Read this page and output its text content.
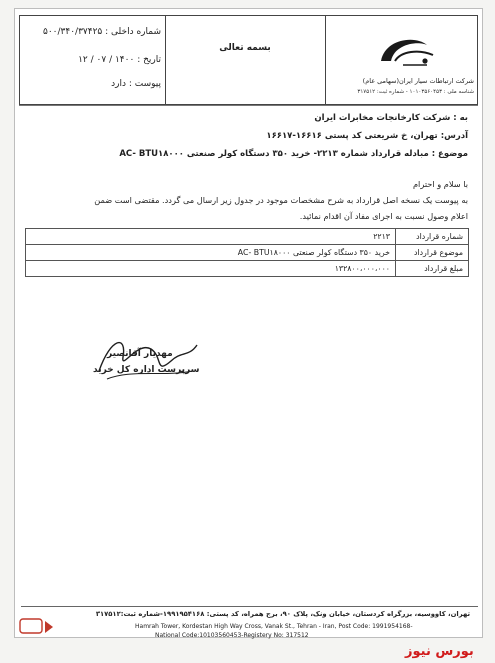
شماره داخلی : ۵۰۰/۳۴۰/۳۷۴۲۵
تاریخ : ۱۴۰۰ / ۰۷ / ۱۲
پیوست : دارد
بسمه تعالی
شرکت ارتباطات سیار ایران(سهامی عام)
شناسه ملی : ۱۰۱۰۳۵۶۰۴۵۳ - شماره ثبت: ۳۱۷۵۱۲
به : شرکت کارخانجات مخابرات ایران
آدرس: تهران، خ شریعتی کد پستی ۱۶۶۱۶-۱۶۶۱۷
موضوع : مبادله قرارداد شماره ۲۲۱۳- خرید ۳۵۰ دستگاه کولر صنعتی AC- BTU۱۸۰۰۰
با سلام و احترام
به پیوست یک نسخه اصل قرارداد به شرح مشخصات موجود در جدول زیر ارسال می گردد. مقتضی است ضمن
اعلام وصول نسبت به اجرای مفاد آن اقدام نمائید.
شماره قرارداد	۲۲۱۳
موضوع قرارداد	خرید ۳۵۰ دستگاه کولر صنعتی AC- BTU۱۸۰۰۰
مبلغ قرارداد	۱۳۲۸۰۰،۰۰۰،۰۰۰
مهدیار آقانصیر
سرپرست اداره کل خرید
تهران، کاووسیه، بزرگراه کردستان، خیابان ونک، پلاک ۹۰، برج همراه، کد پستی: ۱۹۹۱۹۵۴۱۶۸-شماره ثبت:۳۱۷۵۱۲
Hamrah Tower, Kordestan High Way Cross, Vanak St., Tehran - Iran, Post Code: 1991954168-
National Code:10103560453-Registery No: 317512
بورس نیوز
